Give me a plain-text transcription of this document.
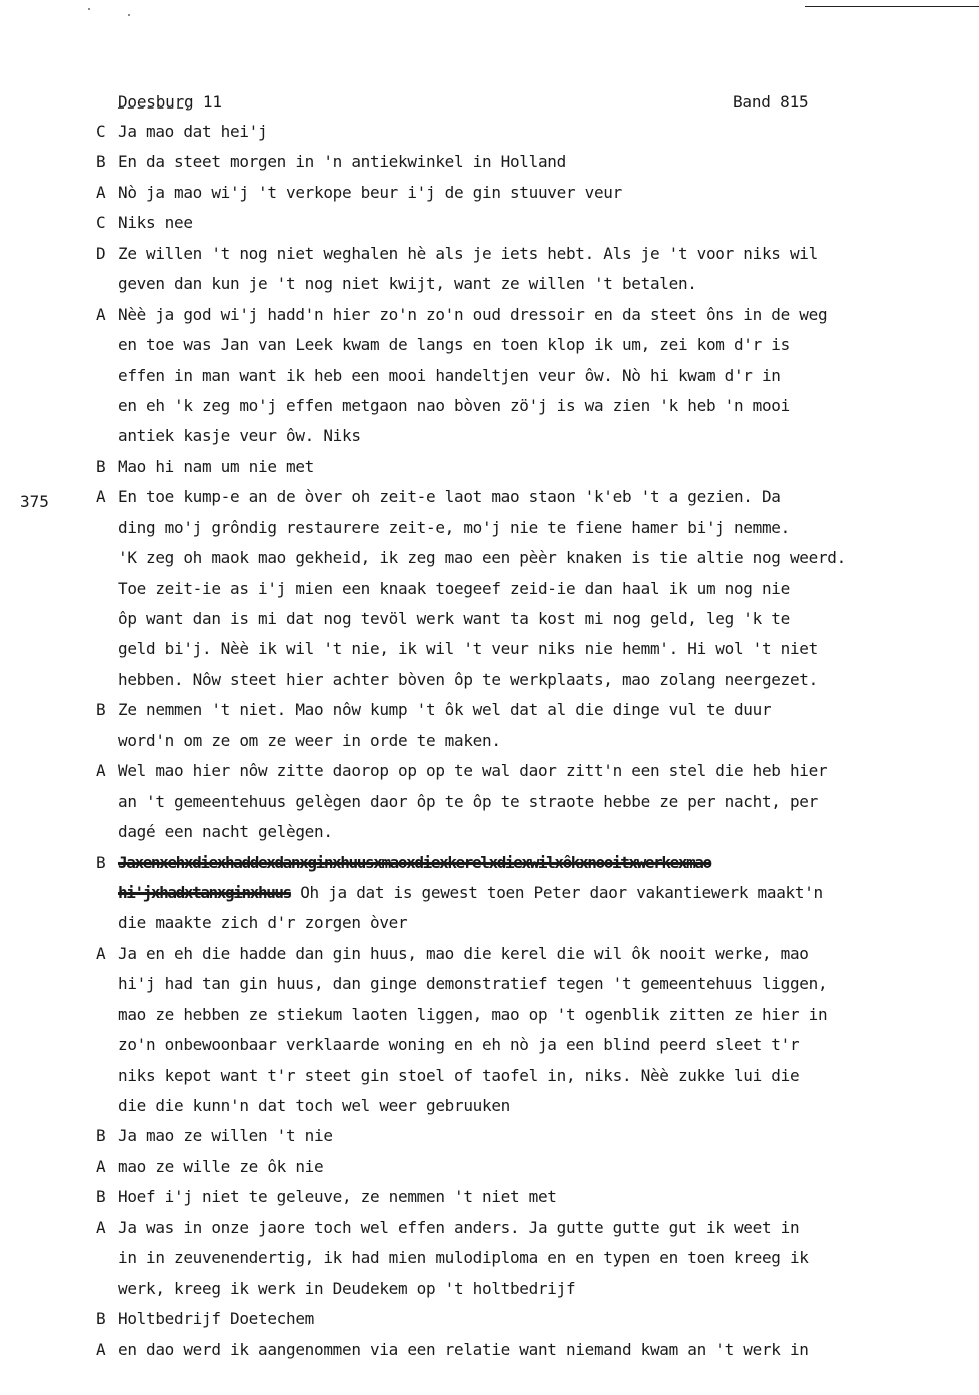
Doesburg 11	Band 815
375
C Ja mao dat hei'j
B En da steet morgen in 'n antiekwinkel in Holland
A Nò ja mao wi'j 't verkope beur i'j de gin stuuver veur
C Niks nee
D Ze willen 't nog niet weghalen hè als je iets hebt. Als je 't voor niks wil
geven dan kun je 't nog niet kwijt, want ze willen 't betalen.
A Nèè ja god wi'j hadd'n hier zo'n zo'n oud dressoir en da steet ôns in de weg
en toe was Jan van Leek kwam de langs en toen klop ik um, zei kom d'r is
effen in man want ik heb een mooi handeltjen veur ôw. Nò hi kwam d'r in
en eh 'k zeg mo'j effen metgaon nao bòven zö'j is wa zien 'k heb 'n mooi
antiek kasje veur ôw. Niks
B Mao hi nam um nie met
A En toe kump-e an de òver oh zeit-e laot mao staon 'k'eb 't a gezien. Da
ding mo'j grôndig restaurere zeit-e, mo'j nie te fiene hamer bi'j nemme.
'K zeg oh maok mao gekheid, ik zeg mao een pèèr knaken is tie altie nog weerd.
Toe zeit-ie as i'j mien een knaak toegeef zeid-ie dan haal ik um nog nie
ôp want dan is mi dat nog tevöl werk want ta kost mi nog geld, leg 'k te
geld bi'j. Nèè ik wil 't nie, ik wil 't veur niks nie hemm'. Hi wol 't niet
hebben. Nôw steet hier achter bòven ôp te werkplaats, mao zolang neergezet.
B Ze nemmen 't niet. Mao nôw kump 't ôk wel dat al die dinge vul te duur
word'n om ze om ze weer in orde te maken.
A Wel mao hier nôw zitte daorop op op te wal daor zitt'n een stel die heb hier
an 't gemeentehuus gelègen daor ôp te ôp te straote hebbe ze per nacht, per
dagé een nacht gelègen.
B Jaxenxehxdiexhaddexdanxginxhuusxmaoxdiexkerelxdiexwilxôkxnooitxwerkexmao
hi'jxhadxtanxginxhuus Oh ja dat is gewest toen Peter daor vakantiewerk maakt'n
die maakte zich d'r zorgen òver
A Ja en eh die hadde dan gin huus, mao die kerel die wil ôk nooit werke, mao
hi'j had tan gin huus, dan ginge demonstratief tegen 't gemeentehuus liggen,
mao ze hebben ze stiekum laoten liggen, mao op 't ogenblik zitten ze hier in
zo'n onbewoonbaar verklaarde woning en eh nò ja een blind peerd sleet t'r
niks kepot want t'r steet gin stoel of taofel in, niks. Nèè zukke lui die
die die kunn'n dat toch wel weer gebruuken
B Ja mao ze willen 't nie
A mao ze wille ze ôk nie
B Hoef i'j niet te geleuve, ze nemmen 't niet met
A Ja was in onze jaore toch wel effen anders. Ja gutte gutte gut ik weet in
in in zeuvenendertig, ik had mien mulodiploma en en typen en toen kreeg ik
werk, kreeg ik werk in Deudekem op 't holtbedrijf
B Holtbedrijf Doetechem
A en dao werd ik aangenommen via een relatie want niemand kwam an 't werk in
